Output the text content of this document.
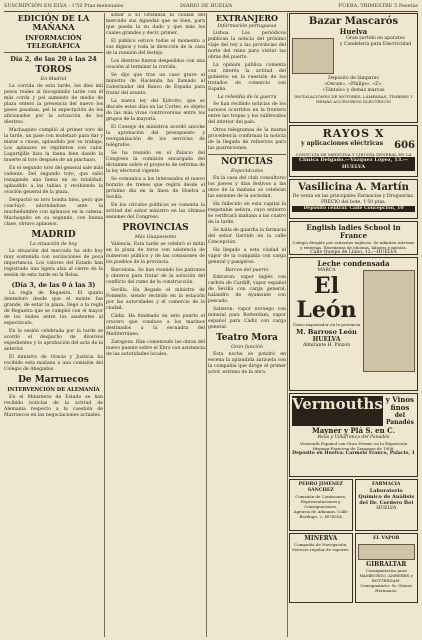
SUSCRIPCIÓN EN ELVA : 1'50 Ptas mensuales	DIARIO DE HUELVA	FUERA, TRIMESTRE 5 Pesetas
EDICIÓN DE LA MAÑANA
INFORMACIÓN TELEGRÁFICA
Día 2, de las 20 á las 24
TOROS
En Madrid

La corrida de esta tarde, los diez mil pesos reales al bicoquiniño tarde con él más corda y pel aumento de medio de plaza entero la presencia del nuevo los gases pasaban, pel la expectación de los aficionados por la actuación de los diestros.

Machaquito cumplió al primer toro de la tarde, un pase con muletazo para dar y matar a cuoas, aplaudido por su trabajo. Los aplausos se repitieron con calor. Lagartijillo hizo la faena bien dando la muerte al toro después de un pinchazo.

En el segundo toro del general sale más valiente. Del segundo toro, que salió rezagando una faena en su totalidad, aplaudido a las tablas y recibiendo la ovación general de la plaza.

Despachó su toro bonita bien, pero que concluyó adornándose ante la muchedumbre con aplausos en la cabeza. Machaquito en su segundo, con buena clase, obtuvo aplausos.

MADRID
La situación de hoy

La situación del mercado ha sido hoy muy sostenida con oscilaciones de poca importancia. Los valores del Estado han registrado una ligera alza al cierre de la sesión de esta tarde en la Bolsa.

(Día 3, de las 0 á las 3)

La regla de Regueira. El quinto dentedoro desde que el monte fue grande, de estar la plaza, llegó a la regla de Regueira que se cumplió con el mayor de los éxitos entre los asistentes al espectáculo.

En la sesión celebrada por la tarde se acordó el despacho de diversos expedientes y la aprobación del acta de la anterior.

El ministro de Gracia y Justicia ha recibido esta mañana a una comisión del Colegio de Abogados.

De Marruecos
INTERVENCIÓN DE ALEMANIA

En el Ministerio de Estado se han recibido noticias de la actitud de Alemania respecto a la cuestión de Marruecos en las negociaciones actuales.

sonar a El Gratinisa la ciudad del mercado sus Aguedas que se bien, para que pueda la su dado y que más los cuales grandes y decir, primer.

El público estuvo todas el momento a sus dignos y toda la dirección de la casa de la reunión del festejo.

Los diestros fueron despedidos con una ovación al terminar la corrida.

Se dijo que tras un caso grave el ministro de Hacienda ha llamado al Gobernador del Banco de España para tratar del asunto.

La nueva ley del Ejército, que se discute estos días en las Cortes, es objeto de las más vivas controversias entre los grupos de la mayoría.

El Consejo de ministros acordó anoche la aprobación del presupuesto y reorganización de los servicios de telégrafos.

Se ha reunido en el Palacio del Congreso la comisión encargada del dictamen sobre el proyecto de reforma de la ley electoral vigente.

Se comunica a los interesados el nuevo horario de trenes que regirá desde el próximo día en la línea de Huelva a Sevilla.

En los círculos políticos se comenta la actitud del señor ministro en las últimas sesiones del Congreso.

PROVINCIAS
Más Guapesismo

Valencia. Esta tarde se celebró el mitin en la plaza de toros con asistencia de numeroso público y de las comisiones de los pueblos de la provincia.

Barcelona. Se han reunido los patronos y obreros para tratar de la solución del conflicto del ramo de la construcción.

Sevilla. Ha llegado el ministro de Fomento, siendo recibido en la estación por las autoridades y el comercio de la ciudad.

Cádiz. Ha fondeado en este puerto el crucero que conduce a los marinos destinados a la escuadra del Mediterráneo.

Zaragoza. Han comenzado las obras del nuevo puente sobre el Ebro con asistencia de las autoridades locales.

EXTRANJERO
Información portuguesa

Lisboa. Los periódicos publican la noticia del próximo viaje del rey a las provincias del norte del reino para visitar las obras del puerto.

La opinión pública comenta con interés la actitud del gobierno en la cuestión de los tratados de comercio con España.

La rebeldía de la guerra

Se han recibido noticias de los sucesos ocurridos en la frontera entre las tropas y los sublevados del interior del país.

Otros telegramas de la misma procedencia confirman la noticia de la llegada de refuerzos para las guarniciones.

NOTICIAS
Espectáculos

En la casa del club consultorio los jueves y días festivos a las once de la mañana se celebran las sesiones de la sociedad.

Ha fallecido en esta capital la respetable señora, cuyo entierro se verificará mañana a las cuatro de la tarde.

Se halla de guardia la farmacia del señor Garrido en la calle Concepción.

Ha llegado a esta ciudad el vapor de la compañía con carga general y pasajeros.

Barcos del puerto

Entraron: vapor inglés con carbón de Cardiff; vapor español de Sevilla con carga general; balandro de Ayamonte con pescado.

Salieron: vapor noruego con mineral para Rotterdam; vapor español para Cádiz con carga general.

Teatro Mora
Gran función

Esta noche se pondrá en escena la aplaudida zarzuela con la compañía que dirige el primer actor, estreno de la obra.

Bazar Mascarós
Huelva
Gran surtido en aparatos
y Candelería para Electricidad
Depósito de lámparas
«Osram», «Philips», «Z»,
«Tántalo» y demás marcas
INSTALACIONES DE MOTORES, LÁMPARAS, TIMBRES Y DEMÁS ACCESORIOS ELÉCTRICOS
RAYOS X
y aplicaciones eléctricas	606
CONSULTA DE MEDICINA Y CIRUGÍA GENERAL EN LA
Clínica Delgado.—Vázquez López, 13.—HUELVA
Vasilicina A. Martín
De venta en las principales Farmacias y Droguerías.
PRECIO del bote, 1'50 ptas.
Depósito central: Calle Concepción, 10
English ladies School in France
Colegio dirigido por señoritas inglesas. Se admiten internas y externas. Enseñanza de idiomas, labores y música.
Calle Queipo de Llano, 12.—HUELVA
Leche condensada
MARCA
El León
Único importador en la provincia
M. Barroso León
HUELVA
Almirante H. Pinzón
Vermouths y Vinos finos
del Panadés
Mayner y Plá S. en C.
Reus y Villafranca del Panadés
Vermouth Español con Gran Premio en la Exposición Hispano-Francesa de Zaragoza de 1908.
Depósito en Huelva: Carmelo Franco, Palacio, 1
PEDRO JIMÉNEZ SÁNCHEZ
Comisión de Comisiones, Representaciones y Consignaciones.
Agencia de Aduanas. Calle Berdugo, 2, HUELVA
FARMACIA
Laboratorio Químico de Análisis del Dr. Cordero Bel
HUELVA
MINERVA
Compañía de Navegación. Servicio regular de vapores.
EL VAPOR
GIBRALTAR
Consignatarios para HAMBURGO, AMBERES y ROTTERDAM.
Consignatario: Sr. Gómez Hermanos.
